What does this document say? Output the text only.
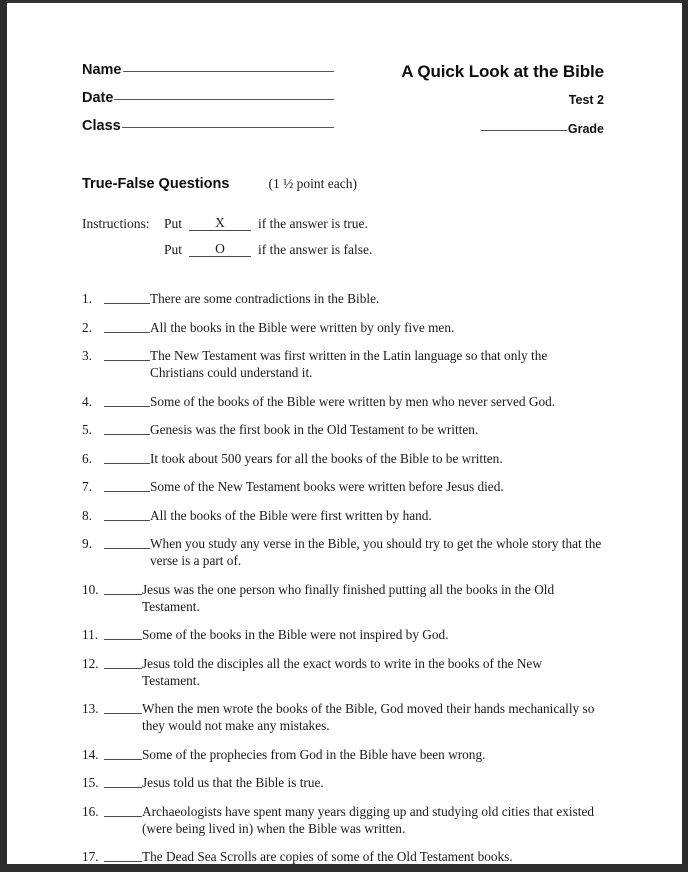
Name
Date
Class
A Quick Look at the Bible
Test 2
Grade
True-False Questions	(1 ½ point each)
Instructions:	Put	X	if the answer is true.
Put	O	if the answer is false.
1.	There are some contradictions in the Bible.
2.	All the books in the Bible were written by only five men.
3.	The New Testament was first written in the Latin language so that only the Christians could understand it.
4.	Some of the books of the Bible were written by men who never served God.
5.	Genesis was the first book in the Old Testament to be written.
6.	It took about 500 years for all the books of the Bible to be written.
7.	Some of the New Testament books were written before Jesus died.
8.	All the books of the Bible were first written by hand.
9.	When you study any verse in the Bible, you should try to get the whole story that the verse is a part of.
10.	Jesus was the one person who finally finished putting all the books in the Old Testament.
11.	Some of the books in the Bible were not inspired by God.
12.	Jesus told the disciples all the exact words to write in the books of the New Testament.
13.	When the men wrote the books of the Bible, God moved their hands mechanically so they would not make any mistakes.
14.	Some of the prophecies from God in the Bible have been wrong.
15.	Jesus told us that the Bible is true.
16.	Archaeologists have spent many years digging up and studying old cities that existed (were being lived in) when the Bible was written.
17.	The Dead Sea Scrolls are copies of some of the Old Testament books.
